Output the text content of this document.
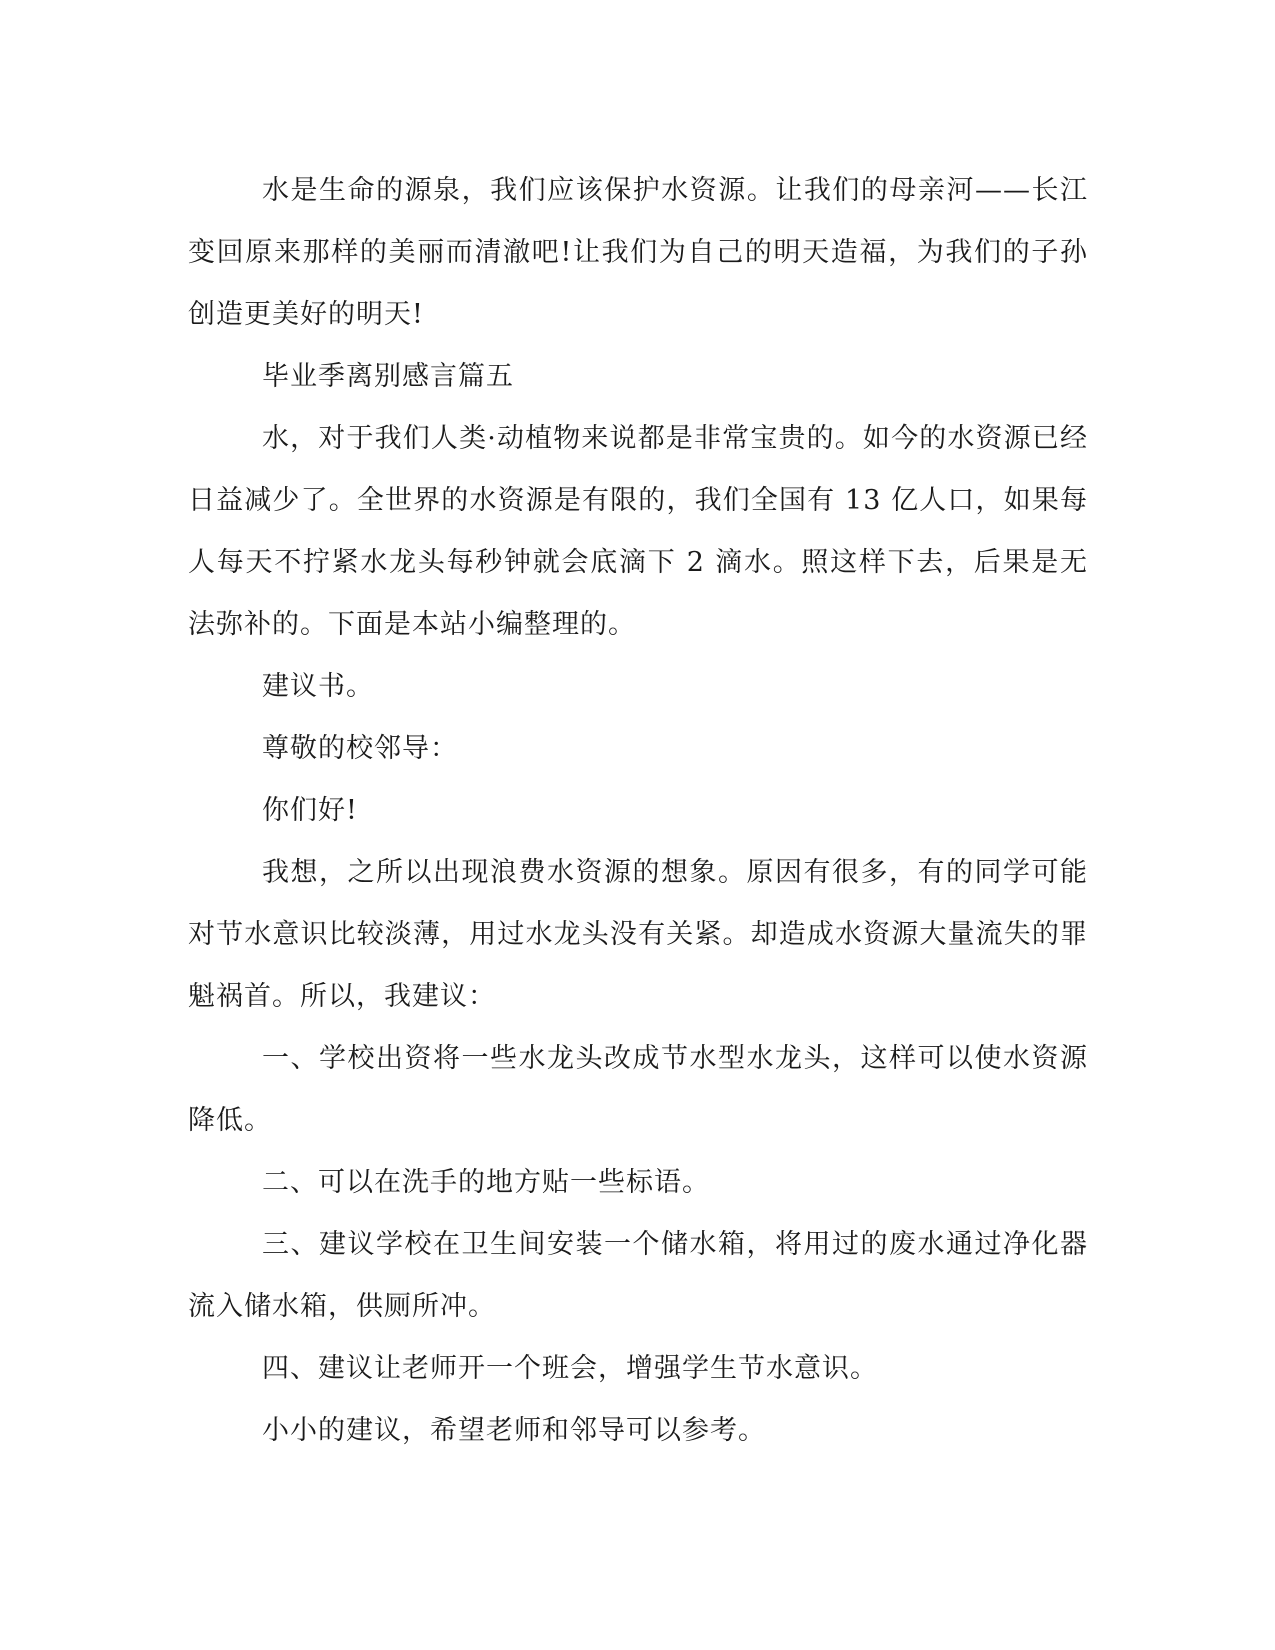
水是生命的源泉，我们应该保护水资源。让我们的母亲河——长江变回原来那样的美丽而清澈吧!让我们为自己的明天造福，为我们的子孙创造更美好的明天!

毕业季离别感言篇五

水，对于我们人类·动植物来说都是非常宝贵的。如今的水资源已经日益减少了。全世界的水资源是有限的，我们全国有 13 亿人口，如果每人每天不拧紧水龙头每秒钟就会底滴下 2 滴水。照这样下去，后果是无法弥补的。下面是本站小编整理的。

建议书。

尊敬的校邻导：

你们好!

我想，之所以出现浪费水资源的想象。原因有很多，有的同学可能对节水意识比较淡薄，用过水龙头没有关紧。却造成水资源大量流失的罪魁祸首。所以，我建议：

一、学校出资将一些水龙头改成节水型水龙头，这样可以使水资源降低。

二、可以在洗手的地方贴一些标语。

三、建议学校在卫生间安装一个储水箱，将用过的废水通过净化器流入储水箱，供厕所冲。

四、建议让老师开一个班会，增强学生节水意识。

小小的建议，希望老师和邻导可以参考。
